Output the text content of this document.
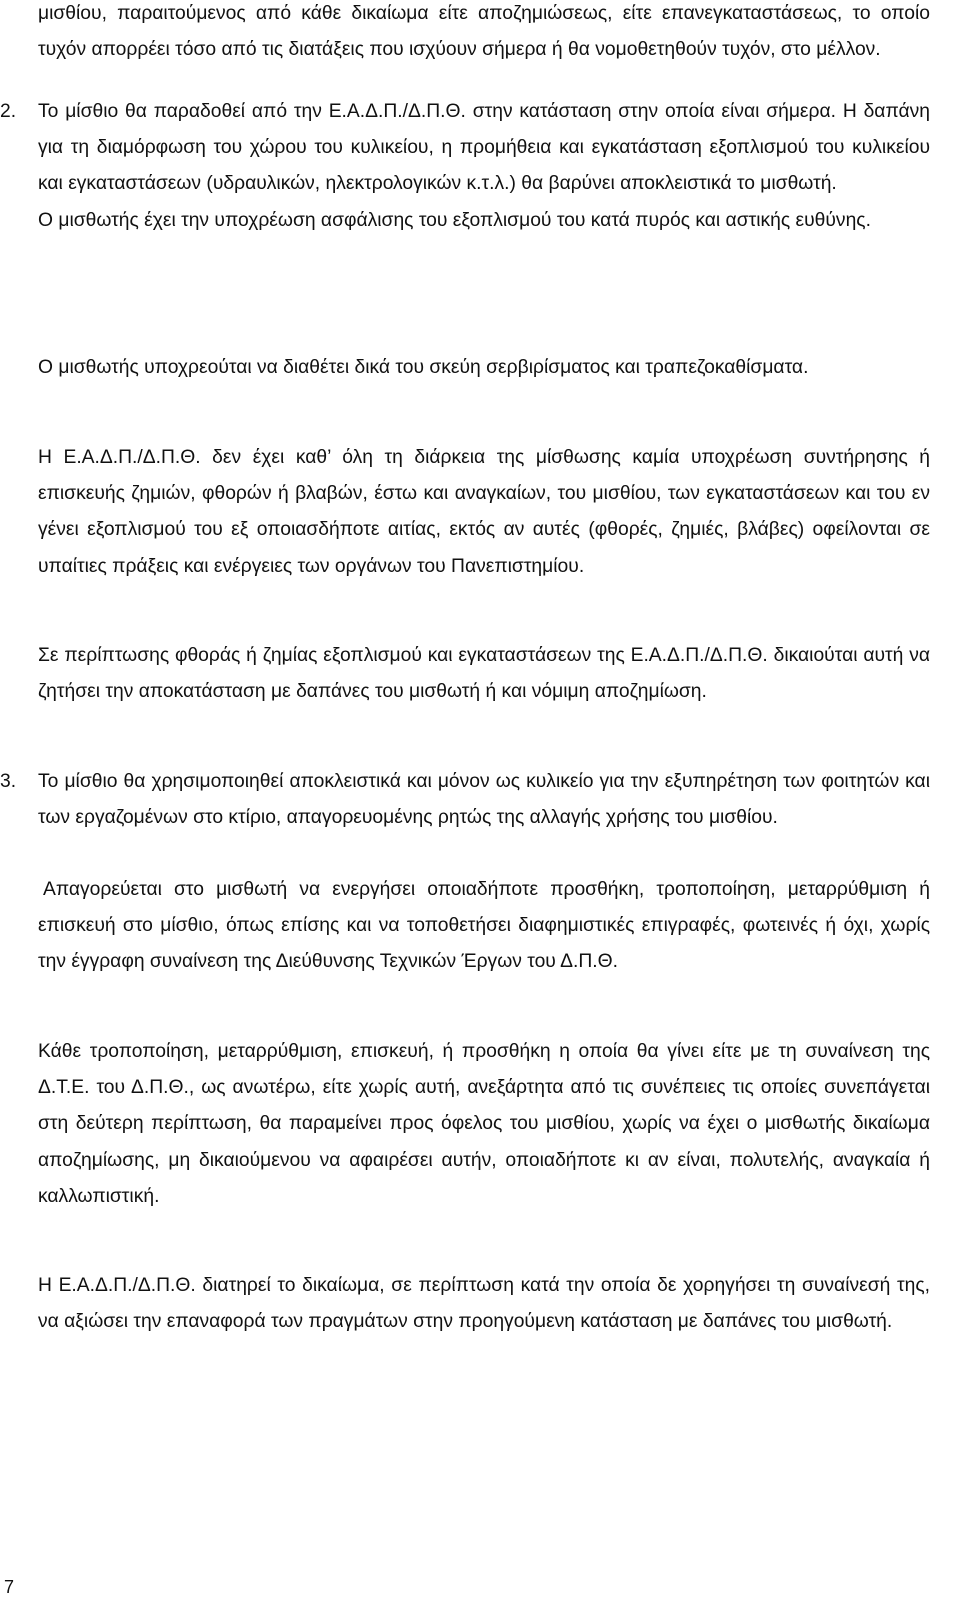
μισθίου, παραιτούμενος από κάθε δικαίωμα είτε αποζημιώσεως, είτε επανεγκαταστάσεως, το οποίο τυχόν απορρέει τόσο από τις διατάξεις που ισχύουν σήμερα ή θα νομοθετηθούν τυχόν, στο μέλλον.

2. Το μίσθιο θα παραδοθεί από την Ε.Α.Δ.Π./Δ.Π.Θ. στην κατάσταση στην οποία είναι σήμερα. Η δαπάνη για τη διαμόρφωση του χώρου του κυλικείου, η προμήθεια και εγκατάσταση εξοπλισμού του κυλικείου και εγκαταστάσεων (υδραυλικών, ηλεκτρολογικών κ.τ.λ.) θα βαρύνει αποκλειστικά το μισθωτή.

Ο μισθωτής έχει την υποχρέωση ασφάλισης του εξοπλισμού του κατά πυρός και αστικής ευθύνης.

Ο μισθωτής υποχρεούται να διαθέτει δικά του σκεύη σερβιρίσματος και τραπεζοκαθίσματα.

Η Ε.Α.Δ.Π./Δ.Π.Θ. δεν έχει καθ’ όλη τη διάρκεια της μίσθωσης καμία υποχρέωση συντήρησης ή επισκευής ζημιών, φθορών ή βλαβών, έστω και αναγκαίων, του μισθίου, των εγκαταστάσεων και του εν γένει εξοπλισμού του εξ οποιασδήποτε αιτίας, εκτός αν αυτές (φθορές, ζημιές, βλάβες) οφείλονται σε υπαίτιες πράξεις και ενέργειες των οργάνων του Πανεπιστημίου.

Σε περίπτωσης φθοράς ή ζημίας εξοπλισμού και εγκαταστάσεων της Ε.Α.Δ.Π./Δ.Π.Θ. δικαιούται αυτή να ζητήσει την αποκατάσταση με δαπάνες του μισθωτή ή και νόμιμη αποζημίωση.

3. Το μίσθιο θα χρησιμοποιηθεί αποκλειστικά και μόνον ως κυλικείο για την εξυπηρέτηση των φοιτητών και των εργαζομένων στο κτίριο, απαγορευομένης ρητώς της αλλαγής χρήσης του μισθίου.

Απαγορεύεται στο μισθωτή να ενεργήσει οποιαδήποτε προσθήκη, τροποποίηση, μεταρρύθμιση ή επισκευή στο μίσθιο, όπως επίσης και να τοποθετήσει διαφημιστικές επιγραφές, φωτεινές ή όχι, χωρίς την έγγραφη συναίνεση της Διεύθυνσης Τεχνικών Έργων του Δ.Π.Θ.

Κάθε τροποποίηση, μεταρρύθμιση, επισκευή, ή προσθήκη η οποία θα γίνει είτε με τη συναίνεση της Δ.Τ.Ε. του Δ.Π.Θ., ως ανωτέρω, είτε χωρίς αυτή, ανεξάρτητα από τις συνέπειες τις οποίες συνεπάγεται στη δεύτερη περίπτωση, θα παραμείνει προς όφελος του μισθίου, χωρίς να έχει ο μισθωτής δικαίωμα αποζημίωσης, μη δικαιούμενου να αφαιρέσει αυτήν, οποιαδήποτε κι αν είναι, πολυτελής, αναγκαία ή καλλωπιστική.

Η Ε.Α.Δ.Π./Δ.Π.Θ. διατηρεί το δικαίωμα, σε περίπτωση κατά την οποία δε χορηγήσει τη συναίνεσή της, να αξιώσει την επαναφορά των πραγμάτων στην προηγούμενη κατάσταση με δαπάνες του μισθωτή.

7
